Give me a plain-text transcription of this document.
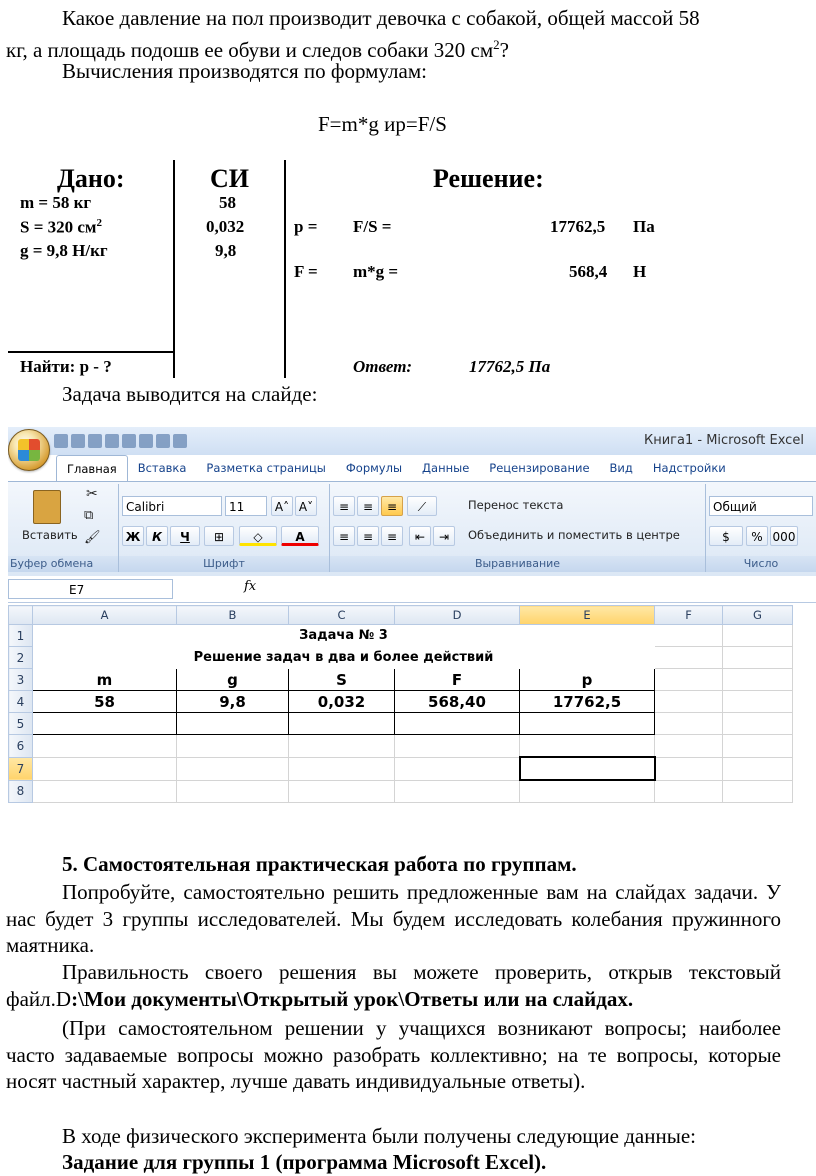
Какое давление на пол производит девочка с собакой, общей массой 58
кг, а площадь подошв ее обуви и следов собаки 320 $см^2$?
Вычисления производятся по формулам:
F=m*g ир=F/S
Дано:	СИ	Решение:
m = 58 кг	58
S = 320 $см^2$	0,032
g = 9,8 Н/кг	9,8
р = F/S =	17762,5 Па
F = m*g =	568,4 Н
Найти: р - ?	Ответ:	17762,5 Па
Задача выводится на слайде:
Книга1 - Microsoft Excel
Главная	Вставка	Разметка страницы	Формулы	Данные	Рецензирование	Вид	Надстройки
Вставить
✂
⧉
🖌
Буфер обмена
Calibri	11	A˄ A˅
Ж К	Ч	⊞	◇	A
Шрифт
≡	≡	≡	⟋
≡	≡	≡	⇤	⇥
Перенос текста
Объединить и поместить в центре
Выравнивание
Общий
$	% 000
Число
E7	fx
	A	B	C	D	E	F	G
1	Задача № 3						
2	Решение задач в два и более действий						
3	m	g	S	F	p		
4	58	9,8	0,032	568,40	17762,5		
5							
6							
7							
8							
5. Самостоятельная практическая работа по группам.
Попробуйте, самостоятельно решить предложенные вам на слайдах задачи. У нас будет 3 группы исследователей. Мы будем исследовать колебания пружинного маятника.
Правильность своего решения вы можете проверить, открыв текстовый файл.D:\Мои документы\Открытый урок\Ответы или на слайдах.
(При самостоятельном решении у учащихся возникают вопросы; наиболее часто задаваемые вопросы можно разобрать коллективно; на те вопросы, которые носят частный характер, лучше давать индивидуальные ответы).
В ходе физического эксперимента были получены следующие данные:
Задание для группы 1 (программа Microsoft Excel).
